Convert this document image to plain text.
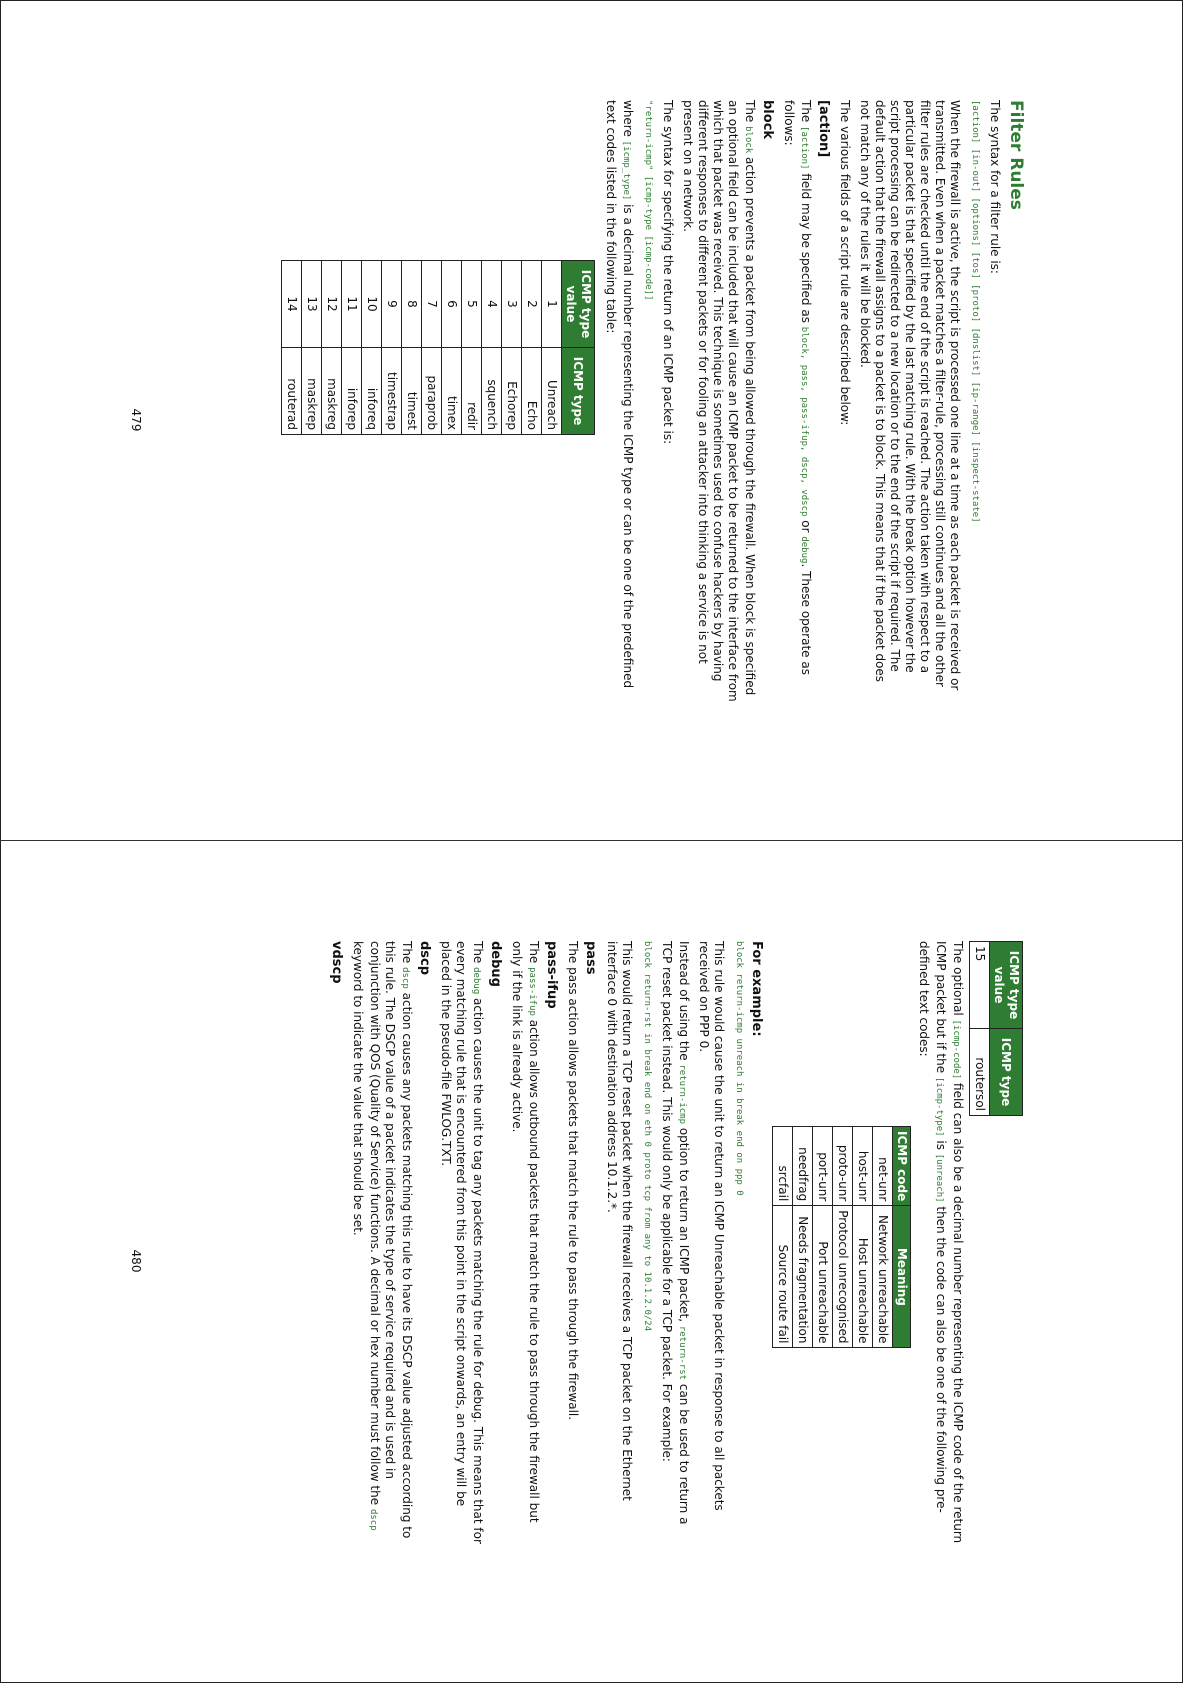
Filter Rules

The syntax for a filter rule is:

[action] [in-out] [options] [tos] [proto] [dnslist] [ip-range] [inspect-state]

When the firewall is active, the script is processed one line at a time as each packet is received or transmitted. Even when a packet matches a filter-rule, processing still continues and all the other filter rules are checked until the end of the script is reached. The action taken with respect to a particular packet is that specified by the last matching rule. With the break option however the script processing can be redirected to a new location or to the end of the script if required. The default action that the firewall assigns to a packet is to block. This means that if the packet does not match any of the rules it will be blocked.

The various fields of a script rule are described below:

[action]

The [action] field may be specified as block, pass, pass-ifup, dscp, vdscp or debug. These operate as follows:

block

The block action prevents a packet from being allowed through the firewall. When block is specified an optional field can be included that will cause an ICMP packet to be returned to the interface from which that packet was received. This technique is sometimes used to confuse hackers by having different responses to different packets or for fooling an attacker into thinking a service is not present on a network.

The syntax for specifying the return of an ICMP packet is:

"return-icmp" [icmp-type [icmp-code]]

where [icmp_type] is a decimal number representing the ICMP type or can be one of the predefined text codes listed in the following table:

ICMP type value	ICMP type
1	Unreach
2	Echo
3	Echorep
4	squench
5	redir
6	timex
7	paraprob
8	timest
9	timestrap
10	inforeq
11	inforep
12	maskreg
13	maskrep
14	routerad
479
ICMP type value	ICMP type
15	routersol

The optional [icmp-code] field can also be a decimal number representing the ICMP code of the return ICMP packet but if the [icmp-type] is [unreach] then the code can also be one of the following pre-defined text codes:

ICMP code	Meaning
net-unr	Network unreachable
host-unr	Host unreachable
proto-unr	Protocol unrecognised
port-unr	Port unreachable
needfrag	Needs fragmentation
srcfail	Source route fail
For example:
block return-icmp unreach in break end on ppp 0

This rule would cause the unit to return an ICMP Unreachable packet in response to all packets received on PPP 0.

Instead of using the return-icmp option to return an ICMP packet, return-rst can be used to return a TCP reset packet instead. This would only be applicable for a TCP packet. For example:

block return-rst in break end on eth 0 proto tcp from any to 10.1.2.0/24

This would return a TCP reset packet when the firewall receives a TCP packet on the Ethernet interface 0 with destination address 10.1.2.*.

pass

The pass action allows packets that match the rule to pass through the firewall.

pass-ifup

The pass-ifup action allows outbound packets that match the rule to pass through the firewall but only if the link is already active.

debug

The debug action causes the unit to tag any packets matching the rule for debug. This means that for every matching rule that is encountered from this point in the script onwards, an entry will be placed in the pseudo-file FWLOG.TXT.

dscp

The dscp action causes any packets matching this rule to have its DSCP value adjusted according to this rule. The DSCP value of a packet indicates the type of service required and is used in conjunction with QOS (Quality of Service) functions. A decimal or hex number must follow the dscp keyword to indicate the value that should be set.

vdscp
480
